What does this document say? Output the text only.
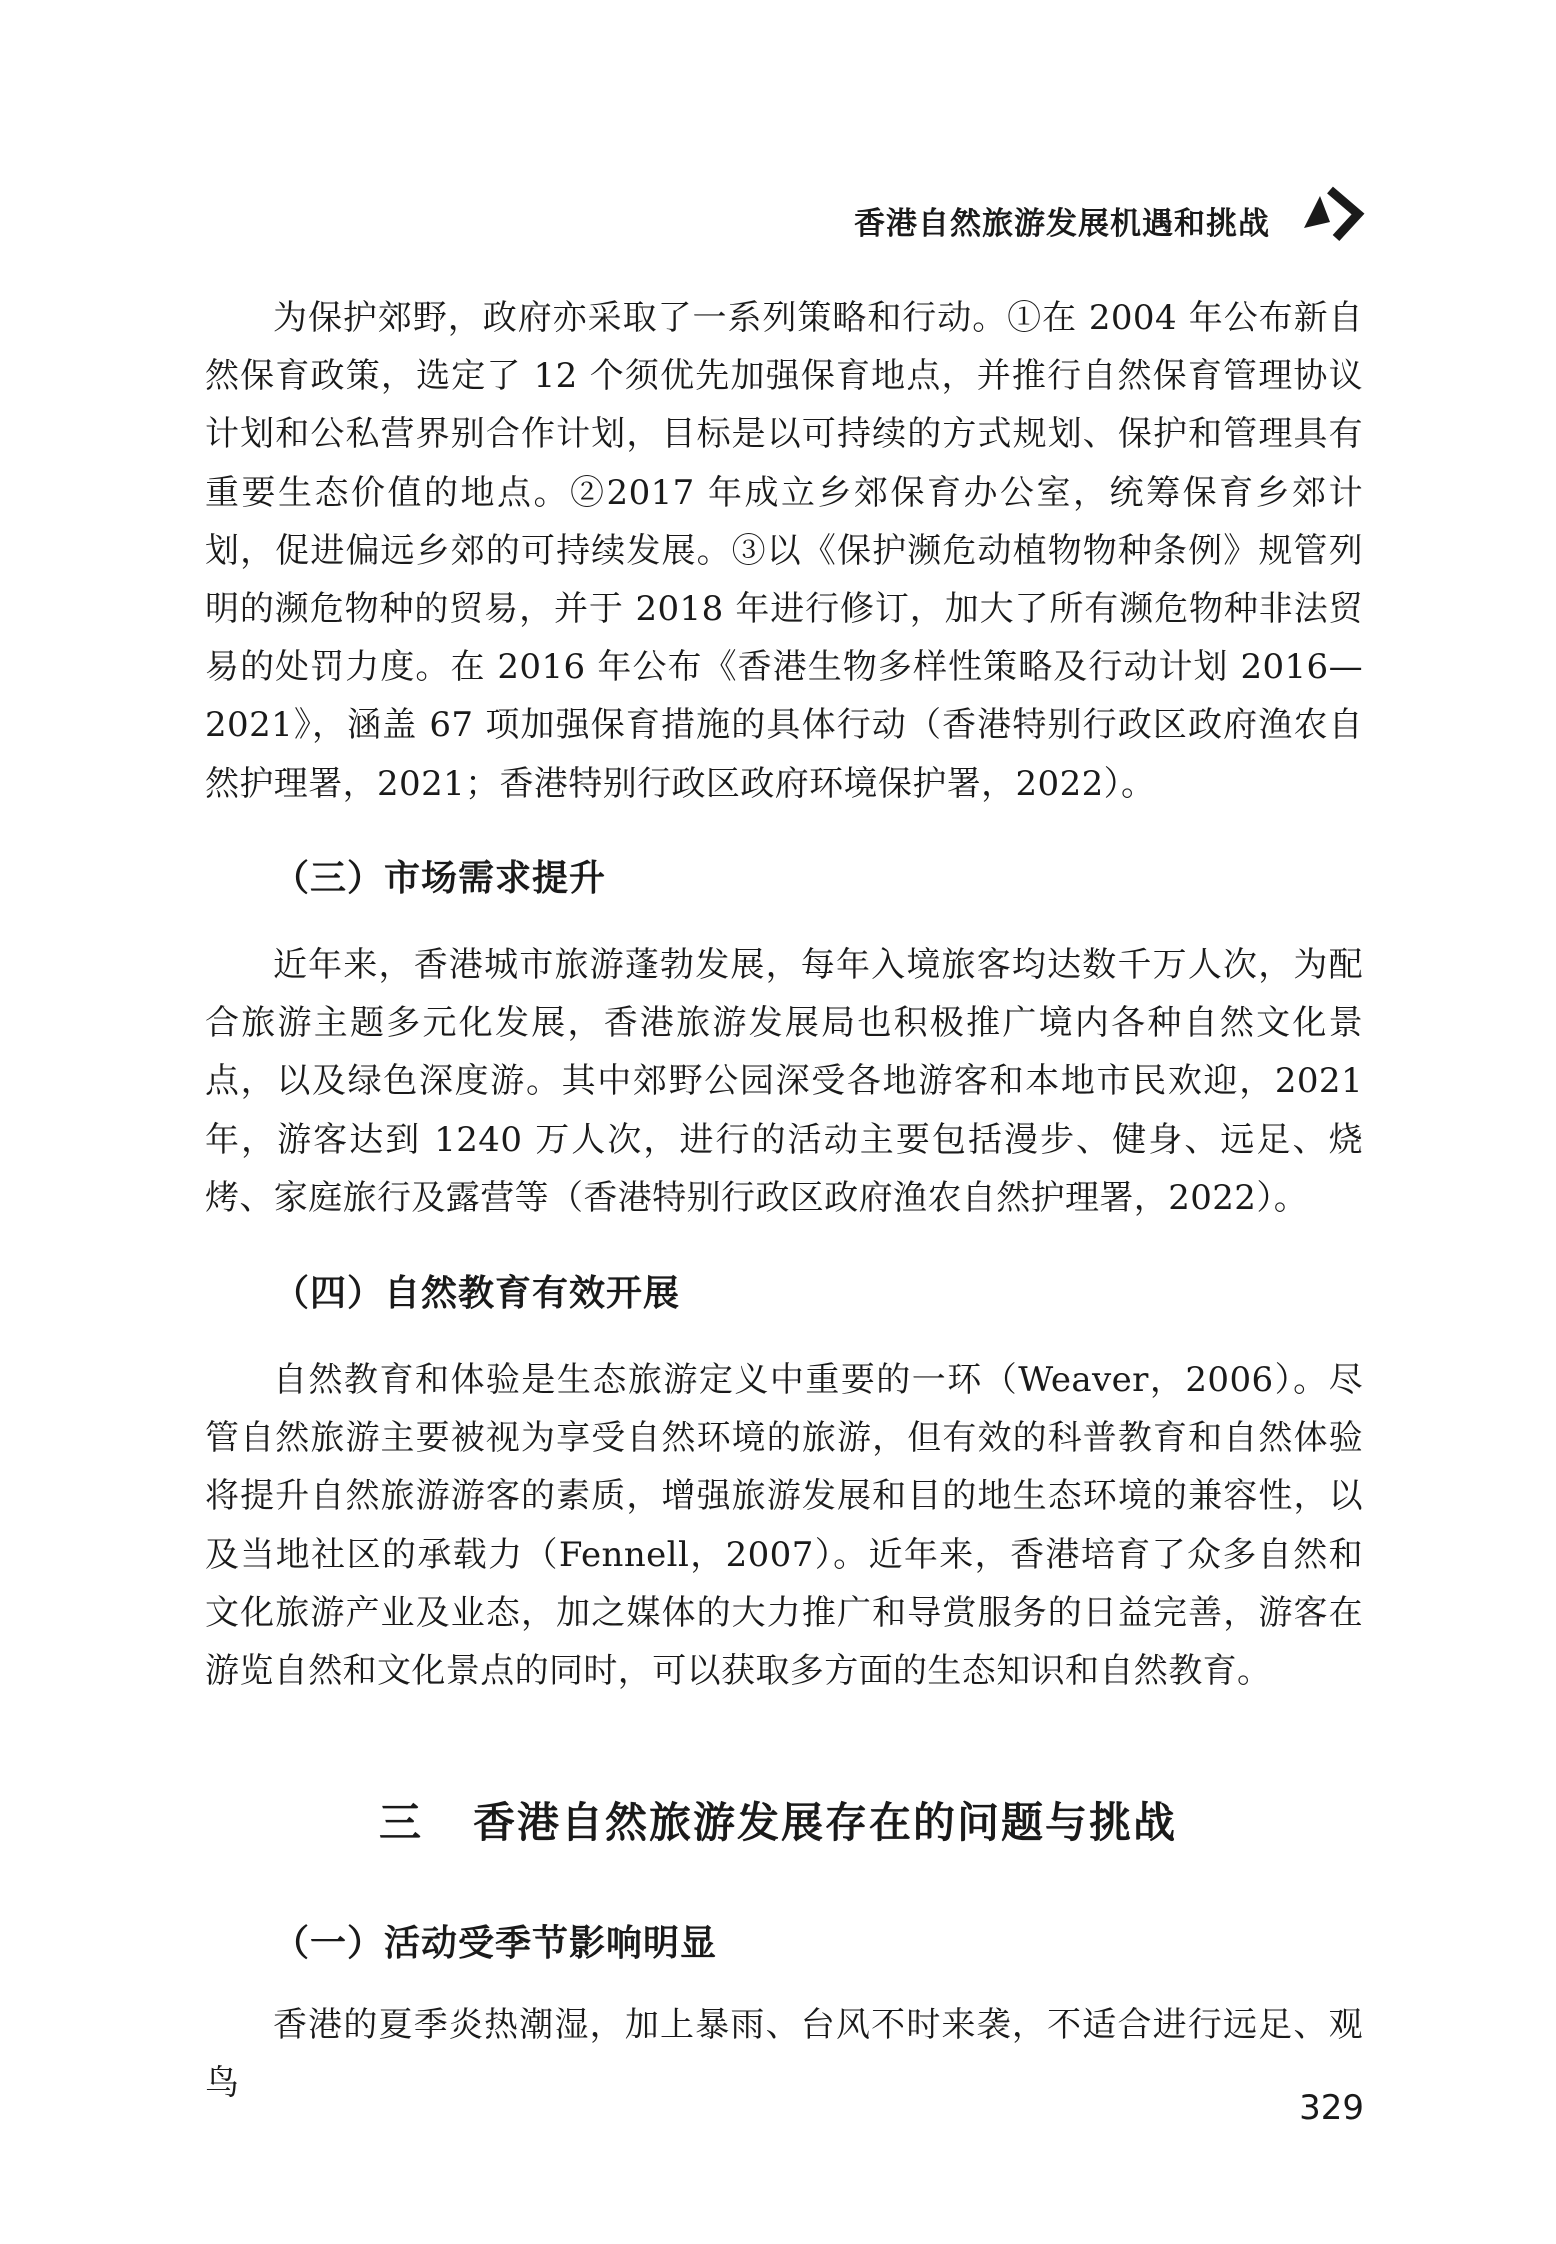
香港自然旅游发展机遇和挑战

为保护郊野，政府亦采取了一系列策略和行动。①在 2004 年公布新自然保育政策，选定了 12 个须优先加强保育地点，并推行自然保育管理协议计划和公私营界别合作计划，目标是以可持续的方式规划、保护和管理具有重要生态价值的地点。②2017 年成立乡郊保育办公室，统筹保育乡郊计划，促进偏远乡郊的可持续发展。③以《保护濒危动植物物种条例》规管列明的濒危物种的贸易，并于 2018 年进行修订，加大了所有濒危物种非法贸易的处罚力度。在 2016 年公布《香港生物多样性策略及行动计划 2016—2021》，涵盖 67 项加强保育措施的具体行动（香港特别行政区政府渔农自然护理署，2021；香港特别行政区政府环境保护署，2022）。

（三）市场需求提升

近年来，香港城市旅游蓬勃发展，每年入境旅客均达数千万人次，为配合旅游主题多元化发展，香港旅游发展局也积极推广境内各种自然文化景点，以及绿色深度游。其中郊野公园深受各地游客和本地市民欢迎，2021 年，游客达到 1240 万人次，进行的活动主要包括漫步、健身、远足、烧烤、家庭旅行及露营等（香港特别行政区政府渔农自然护理署，2022）。

（四）自然教育有效开展

自然教育和体验是生态旅游定义中重要的一环（Weaver，2006）。尽管自然旅游主要被视为享受自然环境的旅游，但有效的科普教育和自然体验将提升自然旅游游客的素质，增强旅游发展和目的地生态环境的兼容性，以及当地社区的承载力（Fennell，2007）。近年来，香港培育了众多自然和文化旅游产业及业态，加之媒体的大力推广和导赏服务的日益完善，游客在游览自然和文化景点的同时，可以获取多方面的生态知识和自然教育。

三 香港自然旅游发展存在的问题与挑战
（一）活动受季节影响明显

香港的夏季炎热潮湿，加上暴雨、台风不时来袭，不适合进行远足、观鸟

329
